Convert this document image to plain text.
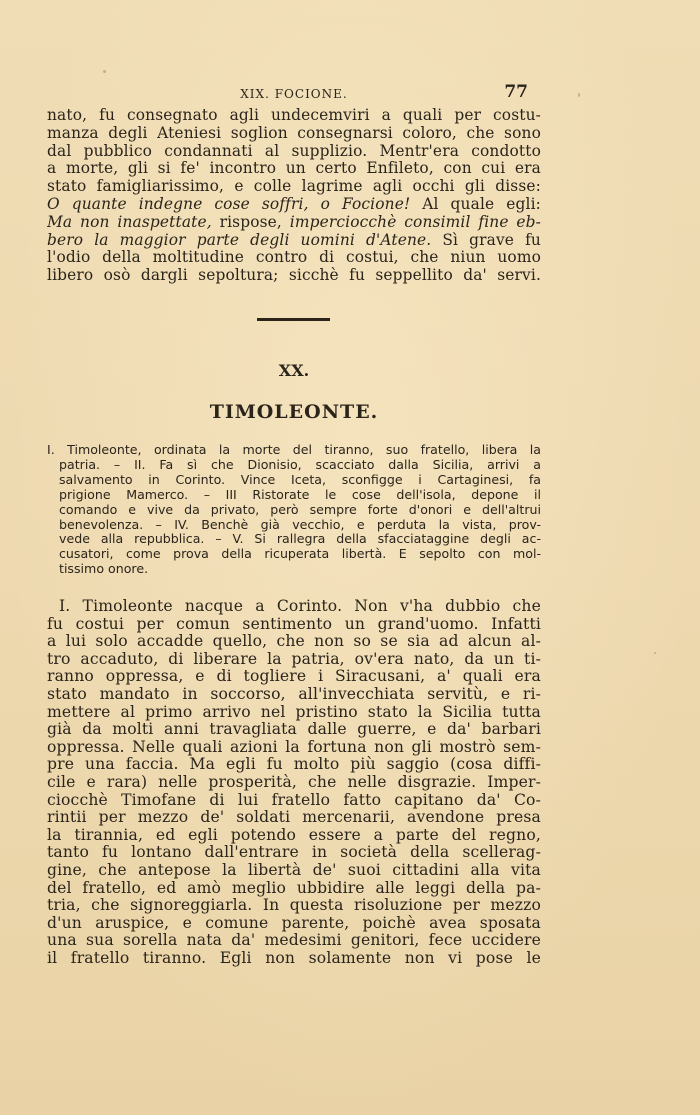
XIX. FOCIONE.	77
nato, fu consegnato agli undecemviri a quali per costu-
manza degli Ateniesi soglion consegnarsi coloro, che sono
dal pubblico condannati al supplizio. Mentr'era condotto
a morte, gli si fe' incontro un certo Enfileto, con cui era
stato famigliarissimo, e colle lagrime agli occhi gli disse:
O quante indegne cose soffri, o Focione! Al quale egli:
Ma non inaspettate, rispose, imperciocchè consimil fine eb-
bero la maggior parte degli uomini d'Atene. Sì grave fu
l'odio della moltitudine contro di costui, che niun uomo
libero osò dargli sepoltura; sicchè fu seppellito da' servi.
XX.
TIMOLEONTE.
I. Timoleonte, ordinata la morte del tiranno, suo fratello, libera la
patria. – II. Fa sì che Dionisio, scacciato dalla Sicilia, arrivi a
salvamento in Corinto. Vince Iceta, sconfigge i Cartaginesi, fa
prigione Mamerco. – III Ristorate le cose dell'isola, depone il
comando e vive da privato, però sempre forte d'onori e dell'altrui
benevolenza. – IV. Benchè già vecchio, e perduta la vista, prov-
vede alla repubblica. – V. Si rallegra della sfacciataggine degli ac-
cusatori, come prova della ricuperata libertà. E sepolto con mol-
tissimo onore.
I. Timoleonte nacque a Corinto. Non v'ha dubbio che
fu costui per comun sentimento un grand'uomo. Infatti
a lui solo accadde quello, che non so se sia ad alcun al-
tro accaduto, di liberare la patria, ov'era nato, da un ti-
ranno oppressa, e di togliere i Siracusani, a' quali era
stato mandato in soccorso, all'invecchiata servitù, e ri-
mettere al primo arrivo nel pristino stato la Sicilia tutta
già da molti anni travagliata dalle guerre, e da' barbari
oppressa. Nelle quali azioni la fortuna non gli mostrò sem-
pre una faccia. Ma egli fu molto più saggio (cosa diffi-
cile e rara) nelle prosperità, che nelle disgrazie. Imper-
ciocchè Timofane di lui fratello fatto capitano da' Co-
rintii per mezzo de' soldati mercenarii, avendone presa
la tirannia, ed egli potendo essere a parte del regno,
tanto fu lontano dall'entrare in società della scellerag-
gine, che antepose la libertà de' suoi cittadini alla vita
del fratello, ed amò meglio ubbidire alle leggi della pa-
tria, che signoreggiarla. In questa risoluzione per mezzo
d'un aruspice, e comune parente, poichè avea sposata
una sua sorella nata da' medesimi genitori, fece uccidere
il fratello tiranno. Egli non solamente non vi pose le
